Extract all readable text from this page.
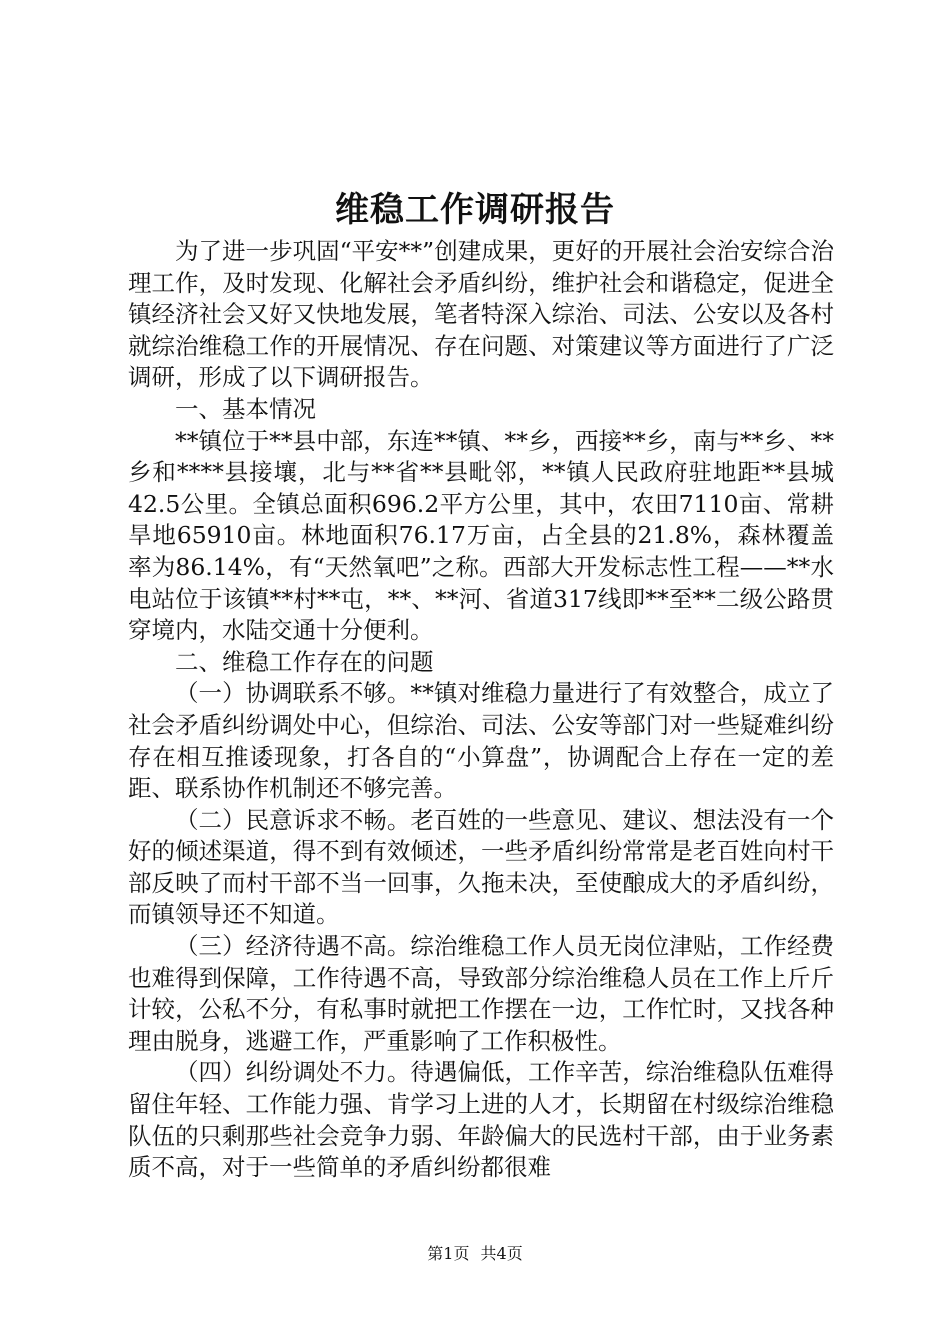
维稳工作调研报告

为了进一步巩固“平安**”创建成果，更好的开展社会治安综合治理工作，及时发现、化解社会矛盾纠纷，维护社会和谐稳定，促进全镇经济社会又好又快地发展，笔者特深入综治、司法、公安以及各村就综治维稳工作的开展情况、存在问题、对策建议等方面进行了广泛调研，形成了以下调研报告。

一、基本情况

**镇位于**县中部，东连**镇、**乡，西接**乡，南与**乡、**乡和****县接壤，北与**省**县毗邻，**镇人民政府驻地距**县城42.5公里。全镇总面积696.2平方公里，其中，农田7110亩、常耕旱地65910亩。林地面积76.17万亩，占全县的21.8%，森林覆盖率为86.14%，有“天然氧吧”之称。西部大开发标志性工程——**水电站位于该镇**村**屯，**、**河、省道317线即**至**二级公路贯穿境内，水陆交通十分便利。

二、维稳工作存在的问题

（一）协调联系不够。**镇对维稳力量进行了有效整合，成立了社会矛盾纠纷调处中心，但综治、司法、公安等部门对一些疑难纠纷存在相互推诿现象，打各自的“小算盘”，协调配合上存在一定的差距、联系协作机制还不够完善。

（二）民意诉求不畅。老百姓的一些意见、建议、想法没有一个好的倾述渠道，得不到有效倾述，一些矛盾纠纷常常是老百姓向村干部反映了而村干部不当一回事，久拖未决，至使酿成大的矛盾纠纷，而镇领导还不知道。

（三）经济待遇不高。综治维稳工作人员无岗位津贴，工作经费也难得到保障，工作待遇不高，导致部分综治维稳人员在工作上斤斤计较，公私不分，有私事时就把工作摆在一边，工作忙时，又找各种理由脱身，逃避工作，严重影响了工作积极性。

（四）纠纷调处不力。待遇偏低，工作辛苦，综治维稳队伍难得留住年轻、工作能力强、肯学习上进的人才，长期留在村级综治维稳队伍的只剩那些社会竞争力弱、年龄偏大的民选村干部，由于业务素质不高，对于一些简单的矛盾纠纷都很难

第1页 共4页
